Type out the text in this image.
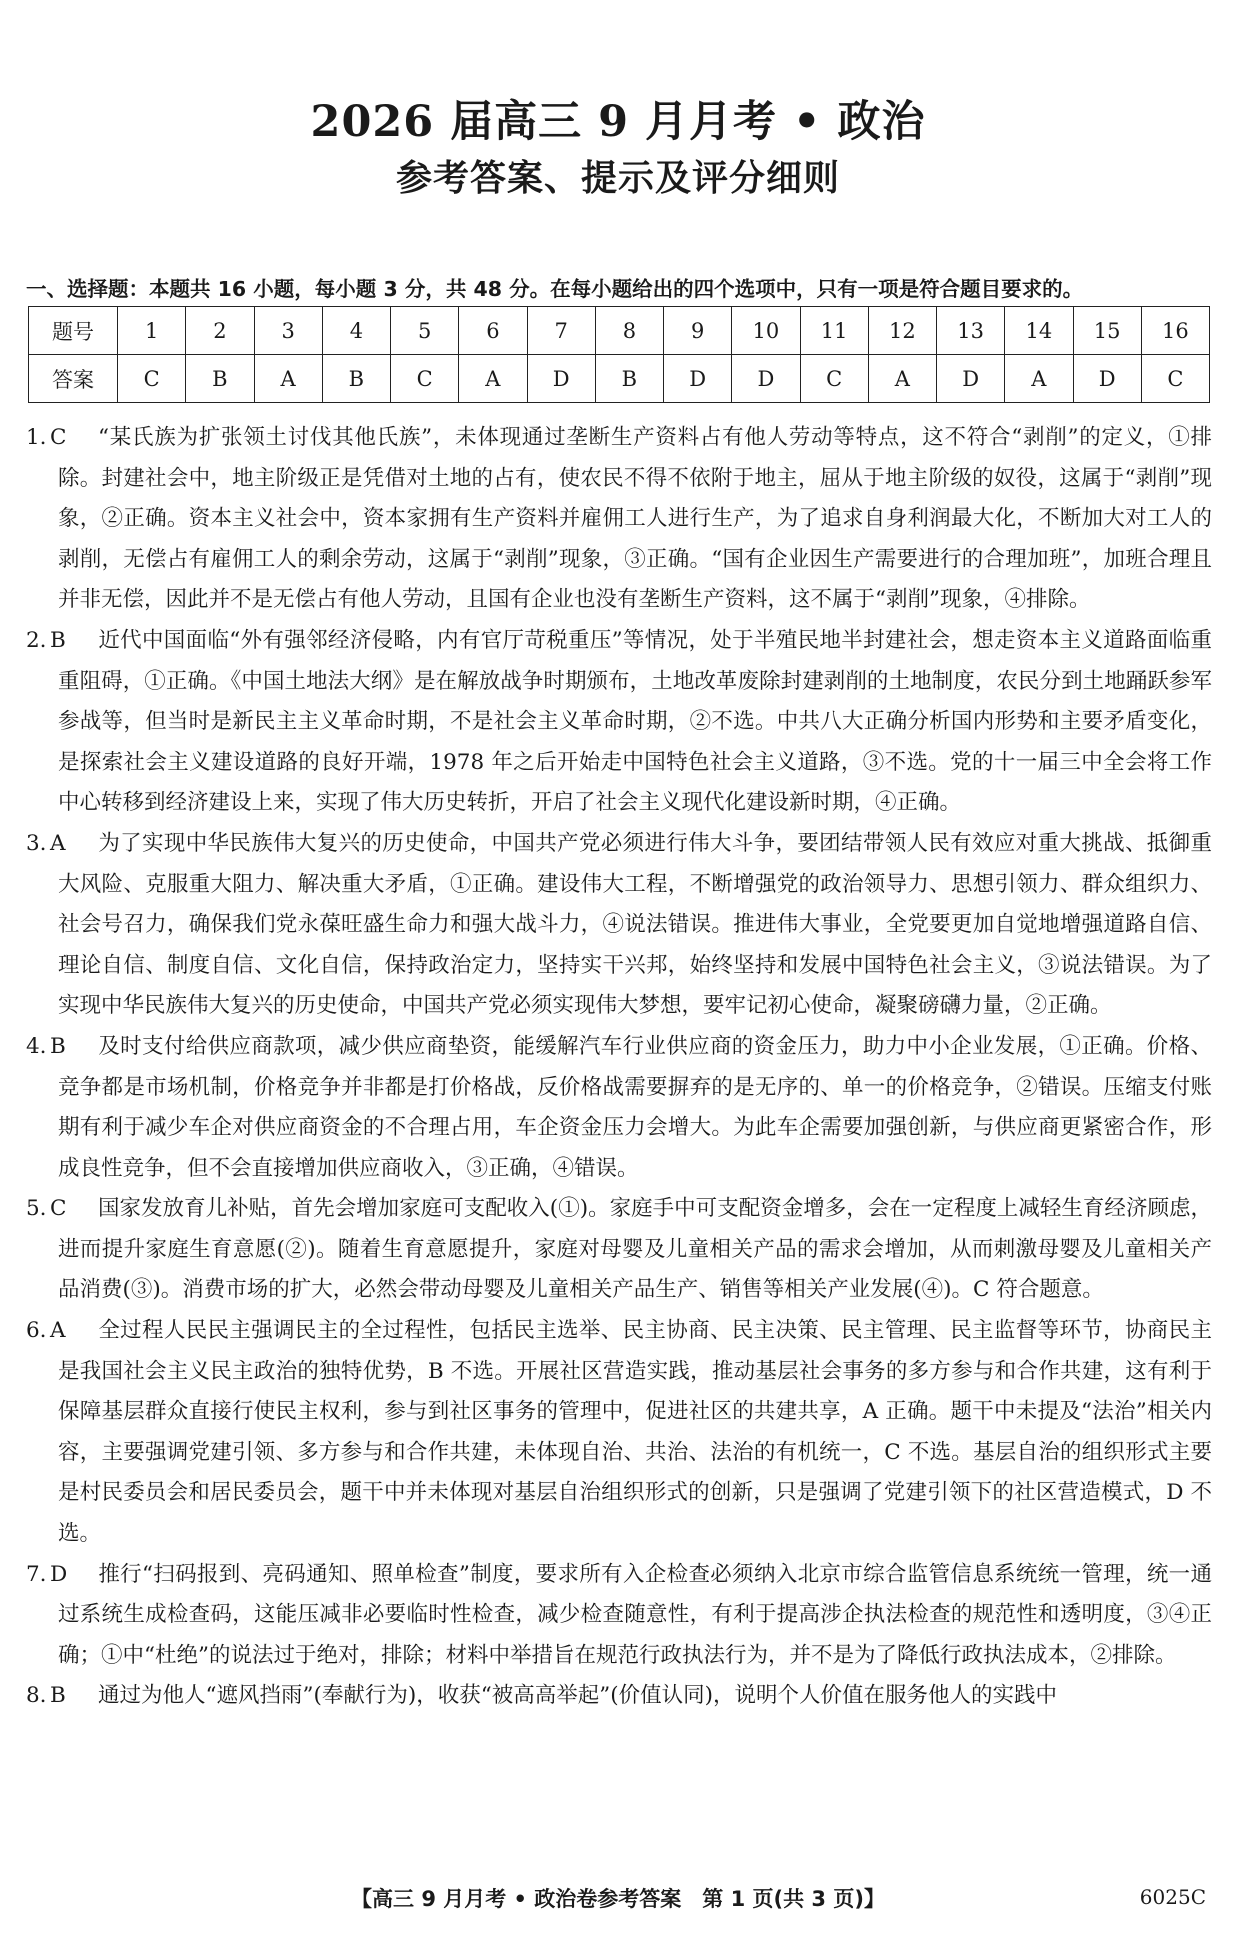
2026 届高三 9 月月考 • 政治
参考答案、提示及评分细则
一、选择题：本题共 16 小题，每小题 3 分，共 48 分。在每小题给出的四个选项中，只有一项是符合题目要求的。
题号	1	2	3	4	5	6	7	8	9	10	11	12	13	14	15	16
答案	C	B	A	B	C	A	D	B	D	D	C	A	D	A	D	C

1. C “某氏族为扩张领土讨伐其他氏族”，未体现通过垄断生产资料占有他人劳动等特点，这不符合“剥削”的定义，①排除。封建社会中，地主阶级正是凭借对土地的占有，使农民不得不依附于地主，屈从于地主阶级的奴役，这属于“剥削”现象，②正确。资本主义社会中，资本家拥有生产资料并雇佣工人进行生产，为了追求自身利润最大化，不断加大对工人的剥削，无偿占有雇佣工人的剩余劳动，这属于“剥削”现象，③正确。“国有企业因生产需要进行的合理加班”，加班合理且并非无偿，因此并不是无偿占有他人劳动，且国有企业也没有垄断生产资料，这不属于“剥削”现象，④排除。

2. B 近代中国面临“外有强邻经济侵略，内有官厅苛税重压”等情况，处于半殖民地半封建社会，想走资本主义道路面临重重阻碍，①正确。《中国土地法大纲》是在解放战争时期颁布，土地改革废除封建剥削的土地制度，农民分到土地踊跃参军参战等，但当时是新民主主义革命时期，不是社会主义革命时期，②不选。中共八大正确分析国内形势和主要矛盾变化，是探索社会主义建设道路的良好开端，1978 年之后开始走中国特色社会主义道路，③不选。党的十一届三中全会将工作中心转移到经济建设上来，实现了伟大历史转折，开启了社会主义现代化建设新时期，④正确。

3. A 为了实现中华民族伟大复兴的历史使命，中国共产党必须进行伟大斗争，要团结带领人民有效应对重大挑战、抵御重大风险、克服重大阻力、解决重大矛盾，①正确。建设伟大工程，不断增强党的政治领导力、思想引领力、群众组织力、社会号召力，确保我们党永葆旺盛生命力和强大战斗力，④说法错误。推进伟大事业，全党要更加自觉地增强道路自信、理论自信、制度自信、文化自信，保持政治定力，坚持实干兴邦，始终坚持和发展中国特色社会主义，③说法错误。为了实现中华民族伟大复兴的历史使命，中国共产党必须实现伟大梦想，要牢记初心使命，凝聚磅礴力量，②正确。

4. B 及时支付给供应商款项，减少供应商垫资，能缓解汽车行业供应商的资金压力，助力中小企业发展，①正确。价格、竞争都是市场机制，价格竞争并非都是打价格战，反价格战需要摒弃的是无序的、单一的价格竞争，②错误。压缩支付账期有利于减少车企对供应商资金的不合理占用，车企资金压力会增大。为此车企需要加强创新，与供应商更紧密合作，形成良性竞争，但不会直接增加供应商收入，③正确，④错误。

5. C 国家发放育儿补贴，首先会增加家庭可支配收入(①)。家庭手中可支配资金增多，会在一定程度上减轻生育经济顾虑，进而提升家庭生育意愿(②)。随着生育意愿提升，家庭对母婴及儿童相关产品的需求会增加，从而刺激母婴及儿童相关产品消费(③)。消费市场的扩大，必然会带动母婴及儿童相关产品生产、销售等相关产业发展(④)。C 符合题意。

6. A 全过程人民民主强调民主的全过程性，包括民主选举、民主协商、民主决策、民主管理、民主监督等环节，协商民主是我国社会主义民主政治的独特优势，B 不选。开展社区营造实践，推动基层社会事务的多方参与和合作共建，这有利于保障基层群众直接行使民主权利，参与到社区事务的管理中，促进社区的共建共享，A 正确。题干中未提及“法治”相关内容，主要强调党建引领、多方参与和合作共建，未体现自治、共治、法治的有机统一，C 不选。基层自治的组织形式主要是村民委员会和居民委员会，题干中并未体现对基层自治组织形式的创新，只是强调了党建引领下的社区营造模式，D 不选。

7. D 推行“扫码报到、亮码通知、照单检查”制度，要求所有入企检查必须纳入北京市综合监管信息系统统一管理，统一通过系统生成检查码，这能压减非必要临时性检查，减少检查随意性，有利于提高涉企执法检查的规范性和透明度，③④正确；①中“杜绝”的说法过于绝对，排除；材料中举措旨在规范行政执法行为，并不是为了降低行政执法成本，②排除。

8. B 通过为他人“遮风挡雨”(奉献行为)，收获“被高高举起”(价值认同)，说明个人价值在服务他人的实践中

【高三 9 月月考 • 政治卷参考答案　第 1 页(共 3 页)】	6025C
